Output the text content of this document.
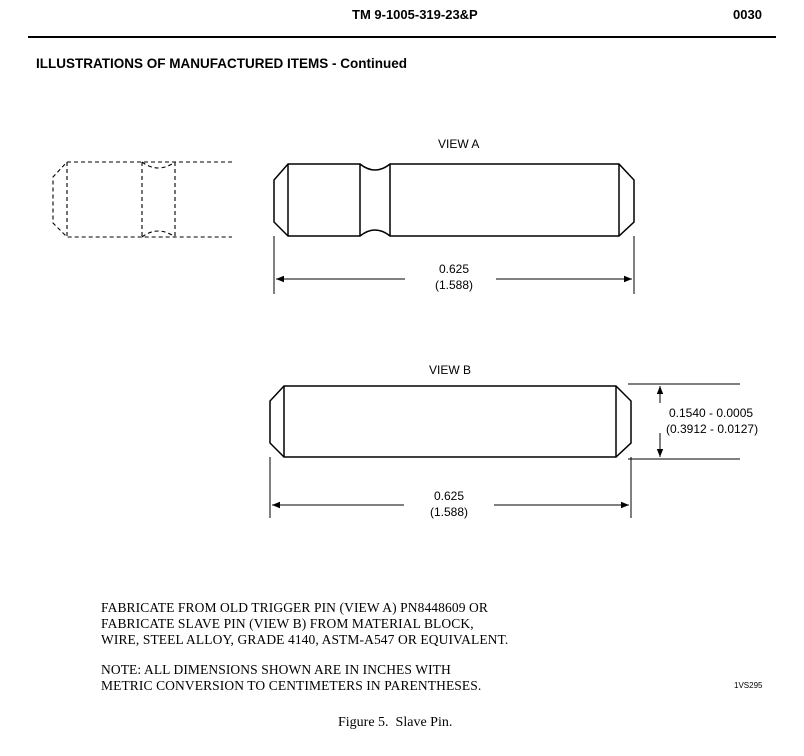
TM 9-1005-319-23&P	0030
ILLUSTRATIONS OF MANUFACTURED ITEMS - Continued
VIEW A
0.625
(1.588)
VIEW B
0.625
(1.588)
0.1540 - 0.0005
(0.3912 - 0.0127)
FABRICATE FROM OLD TRIGGER PIN (VIEW A) PN8448609 OR
FABRICATE SLAVE PIN (VIEW B) FROM MATERIAL BLOCK,
WIRE, STEEL ALLOY, GRADE 4140, ASTM-A547 OR EQUIVALENT.
NOTE: ALL DIMENSIONS SHOWN ARE IN INCHES WITH
METRIC CONVERSION TO CENTIMETERS IN PARENTHESES.	1VS295
Figure 5.  Slave Pin.
